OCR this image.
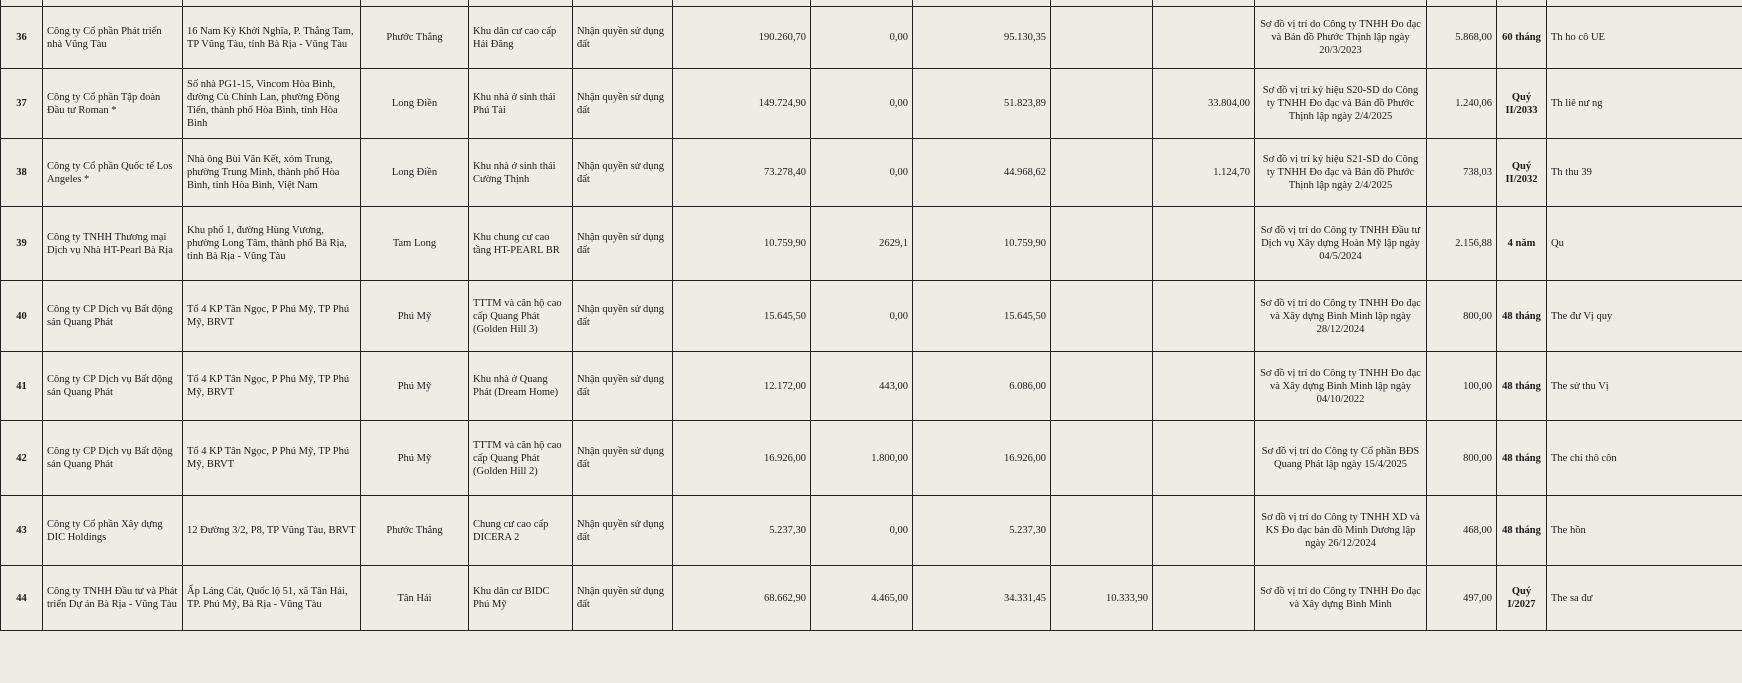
36	Công ty Cổ phần Phát triển nhà Vũng Tàu	16 Nam Kỳ Khởi Nghĩa, P. Thắng Tam, TP Vũng Tàu, tỉnh Bà Rịa - Vũng Tàu	Phước Thắng	Khu dân cư cao cấp Hải Đăng	Nhận quyền sử dụng đất	190.260,70	0,00	95.130,35			Sơ đồ vị trí do Công ty TNHH Đo đạc và Bản đồ Phước Thịnh lập ngày 20/3/2023	5.868,00	60 tháng	Th ho cô UE
37	Công ty Cổ phần Tập đoàn Đầu tư Roman *	Số nhà PG1-15, Vincom Hòa Bình, đường Cù Chính Lan, phường Đồng Tiến, thành phố Hòa Bình, tỉnh Hòa Bình	Long Điền	Khu nhà ở sinh thái Phú Tài	Nhận quyền sử dụng đất	149.724,90	0,00	51.823,89		33.804,00	Sơ đồ vị trí ký hiệu S20-SD do Công ty TNHH Đo đạc và Bản đồ Phước Thịnh lập ngày 2/4/2025	1.240,06	Quý II/2033	Th liê nư ng
38	Công ty Cổ phần Quốc tế Los Angeles *	Nhà ông Bùi Văn Kết, xóm Trung, phường Trung Minh, thành phố Hòa Bình, tỉnh Hòa Bình, Việt Nam	Long Điền	Khu nhà ở sinh thái Cường Thịnh	Nhận quyền sử dụng đất	73.278,40	0,00	44.968,62		1.124,70	Sơ đồ vị trí ký hiệu S21-SD do Công ty TNHH Đo đạc và Bản đồ Phước Thịnh lập ngày 2/4/2025	738,03	Quý II/2032	Th thu 39
39	Công ty TNHH Thương mại Dịch vụ Nhà HT-Pearl Bà Rịa	Khu phố 1, đường Hùng Vương, phường Long Tâm, thành phố Bà Rịa, tỉnh Bà Rịa - Vũng Tàu	Tam Long	Khu chung cư cao tầng HT-PEARL BR	Nhận quyền sử dụng đất	10.759,90	2629,1	10.759,90			Sơ đồ vị trí do Công ty TNHH Đầu tư Dịch vụ Xây dựng Hoàn Mỹ lập ngày 04/5/2024	2.156,88	4 năm	Qu
40	Công ty CP Dịch vụ Bất động sản Quang Phát	Tổ 4 KP Tân Ngọc, P Phú Mỹ, TP Phú Mỹ, BRVT	Phú Mỹ	TTTM và căn hộ cao cấp Quang Phát (Golden Hill 3)	Nhận quyền sử dụng đất	15.645,50	0,00	15.645,50			Sơ đồ vị trí do Công ty TNHH Đo đạc và Xây dựng Bình Minh lập ngày 28/12/2024	800,00	48 tháng	The đư Vị quy
41	Công ty CP Dịch vụ Bất động sản Quang Phát	Tổ 4 KP Tân Ngọc, P Phú Mỹ, TP Phú Mỹ, BRVT	Phú Mỹ	Khu nhà ở Quang Phát (Dream Home)	Nhận quyền sử dụng đất	12.172,00	443,00	6.086,00			Sơ đồ vị trí do Công ty TNHH Đo đạc và Xây dựng Bình Minh lập ngày 04/10/2022	100,00	48 tháng	The sử thu Vị
42	Công ty CP Dịch vụ Bất động sản Quang Phát	Tổ 4 KP Tân Ngọc, P Phú Mỹ, TP Phú Mỹ, BRVT	Phú Mỹ	TTTM và căn hộ cao cấp Quang Phát (Golden Hill 2)	Nhận quyền sử dụng đất	16.926,00	1.800,00	16.926,00			Sơ đồ vị trí do Công ty Cổ phần BĐS Quang Phát lập ngày 15/4/2025	800,00	48 tháng	The chí thô côn
43	Công ty Cổ phần Xây dựng DIC Holdings	12 Đường 3/2, P8, TP Vũng Tàu, BRVT	Phước Thắng	Chung cư cao cấp DICERA 2	Nhận quyền sử dụng đất	5.237,30	0,00	5.237,30			Sơ đồ vị trí do Công ty TNHH XD và KS Đo đạc bản đồ Minh Dương lập ngày 26/12/2024	468,00	48 tháng	The hồn
44	Công ty TNHH Đầu tư và Phát triển Dự án Bà Rịa - Vũng Tàu	Ấp Láng Cát, Quốc lộ 51, xã Tân Hải, TP. Phú Mỹ, Bà Rịa - Vũng Tàu	Tân Hải	Khu dân cư BIDC Phú Mỹ	Nhận quyền sử dụng đất	68.662,90	4.465,00	34.331,45	10.333,90		Sơ đồ vị trí do Công ty TNHH Đo đạc và Xây dựng Bình Minh	497,00	Quý I/2027	The sa đư
